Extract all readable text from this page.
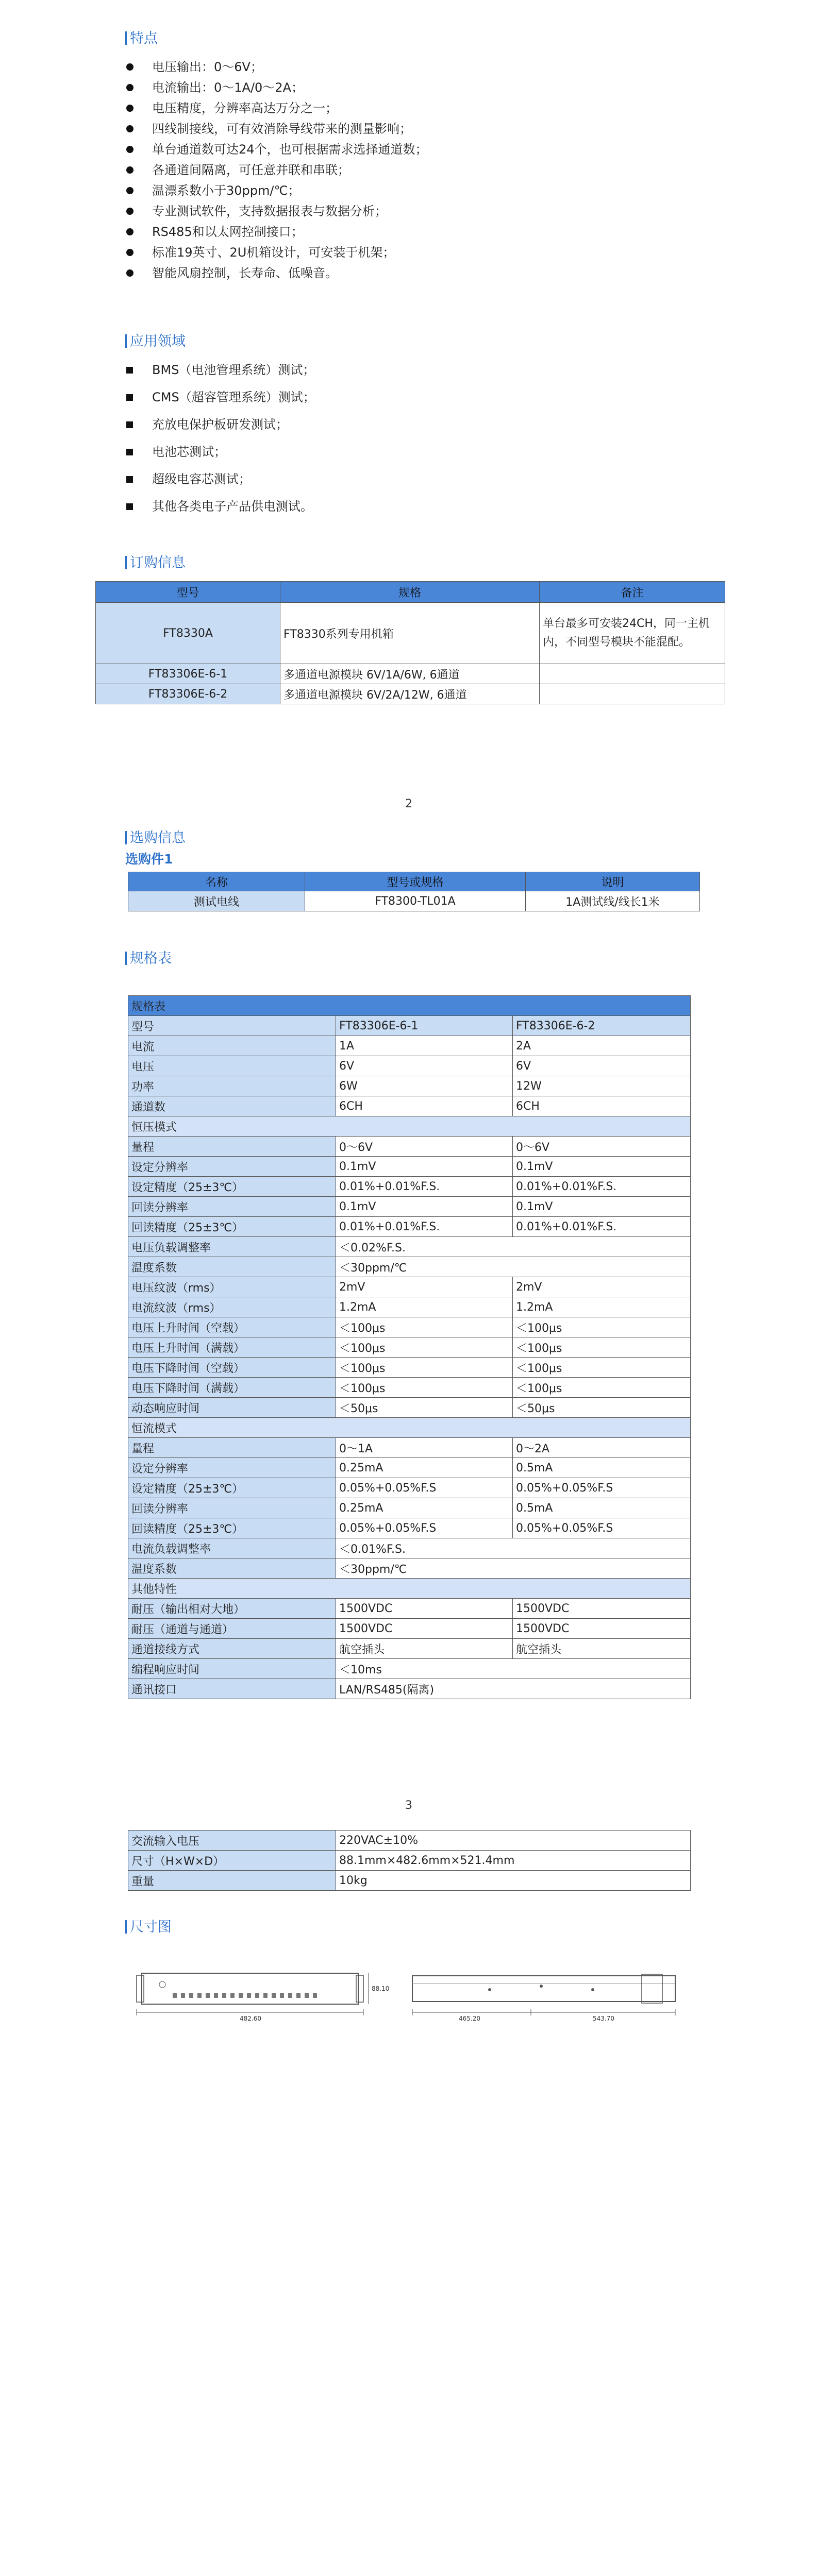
特点
电压输出：0～6V；
电流输出：0～1A/0～2A；
电压精度，分辨率高达万分之一；
四线制接线，可有效消除导线带来的测量影响；
单台通道数可达24个，也可根据需求选择通道数；
各通道间隔离，可任意并联和串联；
温漂系数小于30ppm/℃；
专业测试软件，支持数据报表与数据分析；
RS485和以太网控制接口；
标准19英寸、2U机箱设计，可安装于机架；
智能风扇控制，长寿命、低噪音。
应用领域
BMS（电池管理系统）测试；
CMS（超容管理系统）测试；
充放电保护板研发测试；
电池芯测试；
超级电容芯测试；
其他各类电子产品供电测试。
订购信息
型号	规格	备注
FT8330A	FT8330系列专用机箱	单台最多可安装24CH，同一主机内，不同型号模块不能混配。
FT83306E-6-1	多通道电源模块 6V/1A/6W, 6通道	
FT83306E-6-2	多通道电源模块 6V/2A/12W, 6通道	
2
选购信息
选购件1
名称	型号或规格	说明
测试电线	FT8300-TL01A	1A测试线/线长1米
规格表
规格表		
型号	FT83306E-6-1	FT83306E-6-2
电流	1A	2A
电压	6V	6V
功率	6W	12W
通道数	6CH	6CH
恒压模式		
量程	0～6V	0～6V
设定分辨率	0.1mV	0.1mV
设定精度（25±3℃）	0.01%+0.01%F.S.	0.01%+0.01%F.S.
回读分辨率	0.1mV	0.1mV
回读精度（25±3℃）	0.01%+0.01%F.S.	0.01%+0.01%F.S.
电压负载调整率	＜0.02%F.S.	
温度系数	＜30ppm/℃	
电压纹波（rms）	2mV	2mV
电流纹波（rms）	1.2mA	1.2mA
电压上升时间（空载）	＜100μs	＜100μs
电压上升时间（满载）	＜100μs	＜100μs
电压下降时间（空载）	＜100μs	＜100μs
电压下降时间（满载）	＜100μs	＜100μs
动态响应时间	＜50μs	＜50μs
恒流模式		
量程	0～1A	0～2A
设定分辨率	0.25mA	0.5mA
设定精度（25±3℃）	0.05%+0.05%F.S	0.05%+0.05%F.S
回读分辨率	0.25mA	0.5mA
回读精度（25±3℃）	0.05%+0.05%F.S	0.05%+0.05%F.S
电流负载调整率	＜0.01%F.S.	
温度系数	＜30ppm/℃	
其他特性		
耐压（输出相对大地）	1500VDC	1500VDC
耐压（通道与通道）	1500VDC	1500VDC
通道接线方式	航空插头	航空插头
编程响应时间	＜10ms	
通讯接口	LAN/RS485(隔离)	
3
交流输入电压	220VAC±10%
尺寸（H×W×D）	88.1mm×482.6mm×521.4mm
重量	10kg
尺寸图
482.60
88.10
465.20	543.70
